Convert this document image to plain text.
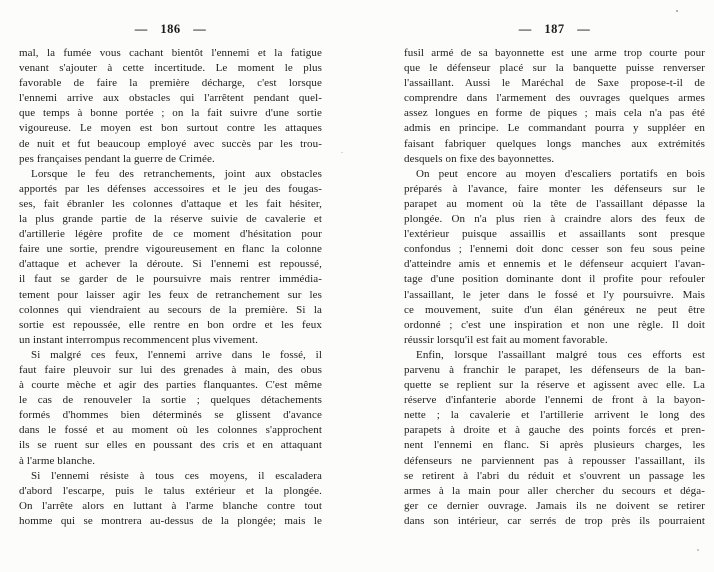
— 186 —
mal, la fumée vous cachant bientôt l'ennemi et la fatigue
venant s'ajouter à cette incertitude. Le moment le plus
favorable de faire la première décharge, c'est lorsque
l'ennemi arrive aux obstacles qui l'arrêtent pendant quel-
que temps à bonne portée ; on la fait suivre d'une sortie
vigoureuse. Le moyen est bon surtout contre les attaques
de nuit et fut beaucoup employé avec succès par les trou-
pes françaises pendant la guerre de Crimée.
Lorsque le feu des retranchements, joint aux obstacles
apportés par les défenses accessoires et le jeu des fougas-
ses, fait ébranler les colonnes d'attaque et les fait hésiter,
la plus grande partie de la réserve suivie de cavalerie et
d'artillerie légère profite de ce moment d'hésitation pour
faire une sortie, prendre vigoureusement en flanc la colonne
d'attaque et achever la déroute. Si l'ennemi est repoussé,
il faut se garder de le poursuivre mais rentrer immédia-
tement pour laisser agir les feux de retranchement sur les
colonnes qui viendraient au secours de la première. Si la
sortie est repoussée, elle rentre en bon ordre et les feux
un instant interrompus recommencent plus vivement.
Si malgré ces feux, l'ennemi arrive dans le fossé, il
faut faire pleuvoir sur lui des grenades à main, des obus
à courte mèche et agir des parties flanquantes. C'est même
le cas de renouveler la sortie ; quelques détachements
formés d'hommes bien déterminés se glissent d'avance
dans le fossé et au moment où les colonnes s'approchent
ils se ruent sur elles en poussant des cris et en attaquant
à l'arme blanche.
Si l'ennemi résiste à tous ces moyens, il escaladera
d'abord l'escarpe, puis le talus extérieur et la plongée.
On l'arrête alors en luttant à l'arme blanche contre tout
homme qui se montrera au-dessus de la plongée; mais le
— 187 —
fusil armé de sa bayonnette est une arme trop courte pour
que le défenseur placé sur la banquette puisse renverser
l'assaillant. Aussi le Maréchal de Saxe propose-t-il de
comprendre dans l'armement des ouvrages quelques armes
assez longues en forme de piques ; mais cela n'a pas été
admis en principe. Le commandant pourra y suppléer en
faisant fabriquer quelques longs manches aux extrémités
desquels on fixe des bayonnettes.
On peut encore au moyen d'escaliers portatifs en bois
préparés à l'avance, faire monter les défenseurs sur le
parapet au moment où la tête de l'assaillant dépasse la
plongée. On n'a plus rien à craindre alors des feux de
l'extérieur puisque assaillis et assaillants sont presque
confondus ; l'ennemi doit donc cesser son feu sous peine
d'atteindre amis et ennemis et le défenseur acquiert l'avan-
tage d'une position dominante dont il profite pour refouler
l'assaillant, le jeter dans le fossé et l'y poursuivre. Mais
ce mouvement, suite d'un élan généreux ne peut être
ordonné ; c'est une inspiration et non une règle. Il doit
réussir lorsqu'il est fait au moment favorable.
Enfin, lorsque l'assaillant malgré tous ces efforts est
parvenu à franchir le parapet, les défenseurs de la ban-
quette se replient sur la réserve et agissent avec elle. La
réserve d'infanterie aborde l'ennemi de front à la bayon-
nette ; la cavalerie et l'artillerie arrivent le long des
parapets à droite et à gauche des points forcés et pren-
nent l'ennemi en flanc. Si après plusieurs charges, les
défenseurs ne parviennent pas à repousser l'assaillant, ils
se retirent à l'abri du réduit et s'ouvrent un passage les
armes à la main pour aller chercher du secours et déga-
ger ce dernier ouvrage. Jamais ils ne doivent se retirer
dans son intérieur, car serrés de trop près ils pourraient
